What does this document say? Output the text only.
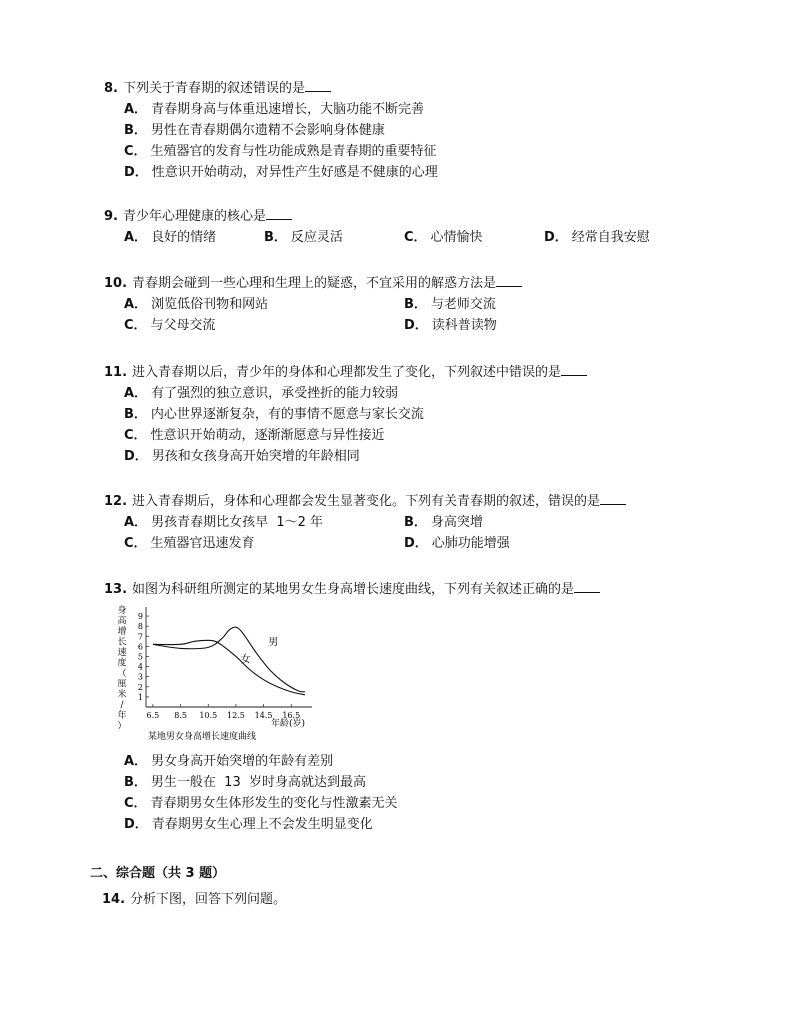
8. 下列关于青春期的叙述错误的是
A． 青春期身高与体重迅速增长，大脑功能不断完善
B． 男性在青春期偶尔遗精不会影响身体健康
C． 生殖器官的发育与性功能成熟是青春期的重要特征
D． 性意识开始萌动，对异性产生好感是不健康的心理
9. 青少年心理健康的核心是
A． 良好的情绪	B． 反应灵活	C． 心情愉快	D． 经常自我安慰
10. 青春期会碰到一些心理和生理上的疑惑，不宜采用的解惑方法是
A． 浏览低俗刊物和网站	B． 与老师交流
C． 与父母交流	D． 读科普读物
11. 进入青春期以后，青少年的身体和心理都发生了变化，下列叙述中错误的是
A． 有了强烈的独立意识，承受挫折的能力较弱
B． 内心世界逐渐复杂，有的事情不愿意与家长交流
C． 性意识开始萌动，逐渐渐愿意与异性接近
D． 男孩和女孩身高开始突增的年龄相同
12. 进入青春期后，身体和心理都会发生显著变化。下列有关青春期的叙述，错误的是
A． 男孩青春期比女孩早  1～2 年	B． 身高突增
C． 生殖器官迅速发育	D． 心肺功能增强
13. 如图为科研组所测定的某地男女生身高增长速度曲线，下列有关叙述正确的是
身
高
增
长
速
度
（
厘
米
/
年
）
1
2
3
4
5
6
7
8
9
6.5 8.5 10.5 12.5 14.5 16.5
男
女
年龄(岁)
某地男女身高增长速度曲线
A． 男女身高开始突增的年龄有差别
B． 男生一般在  13  岁时身高就达到最高
C． 青春期男女生体形发生的变化与性激素无关
D． 青春期男女生心理上不会发生明显变化
二、综合题（共 3 题）
14. 分析下图，回答下列问题。
